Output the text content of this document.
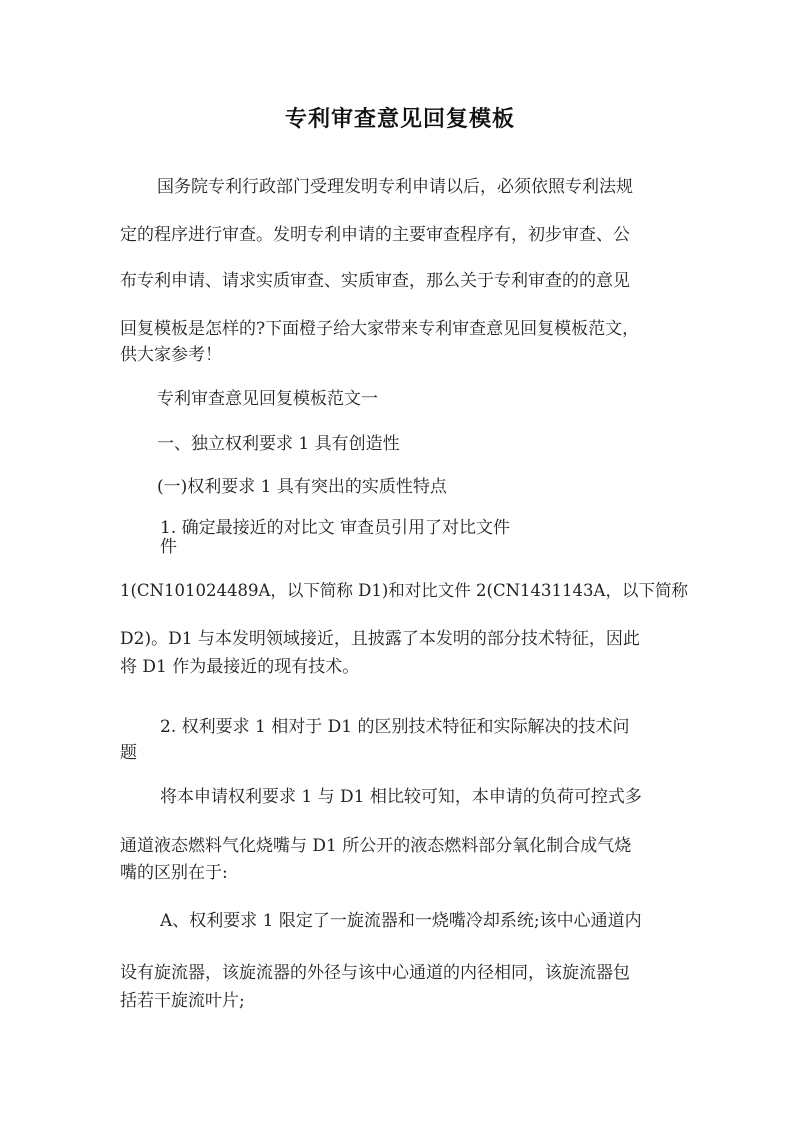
专利审查意见回复模板
国务院专利行政部门受理发明专利申请以后，必须依照专利法规
定的程序进行审查。发明专利申请的主要审查程序有，初步审查、公
布专利申请、请求实质审查、实质审查，那么关于专利审查的的意见
回复模板是怎样的?下面橙子给大家带来专利审查意见回复模板范文，
供大家参考！
专利审查意见回复模板范文一
一、独立权利要求 1 具有创造性
(一)权利要求 1 具有突出的实质性特点
1. 确定最接近的对比文 审查员引用了对比文件
件
1(CN101024489A，以下简称 D1)和对比文件 2(CN1431143A，以下简称
D2)。D1 与本发明领域接近，且披露了本发明的部分技术特征，因此
将 D1 作为最接近的现有技术。
2. 权利要求 1 相对于 D1 的区别技术特征和实际解决的技术问
题
将本申请权利要求 1 与 D1 相比较可知，本申请的负荷可控式多
通道液态燃料气化烧嘴与 D1 所公开的液态燃料部分氧化制合成气烧
嘴的区别在于:
A、权利要求 1 限定了一旋流器和一烧嘴冷却系统;该中心通道内
设有旋流器，该旋流器的外径与该中心通道的内径相同，该旋流器包
括若干旋流叶片;
